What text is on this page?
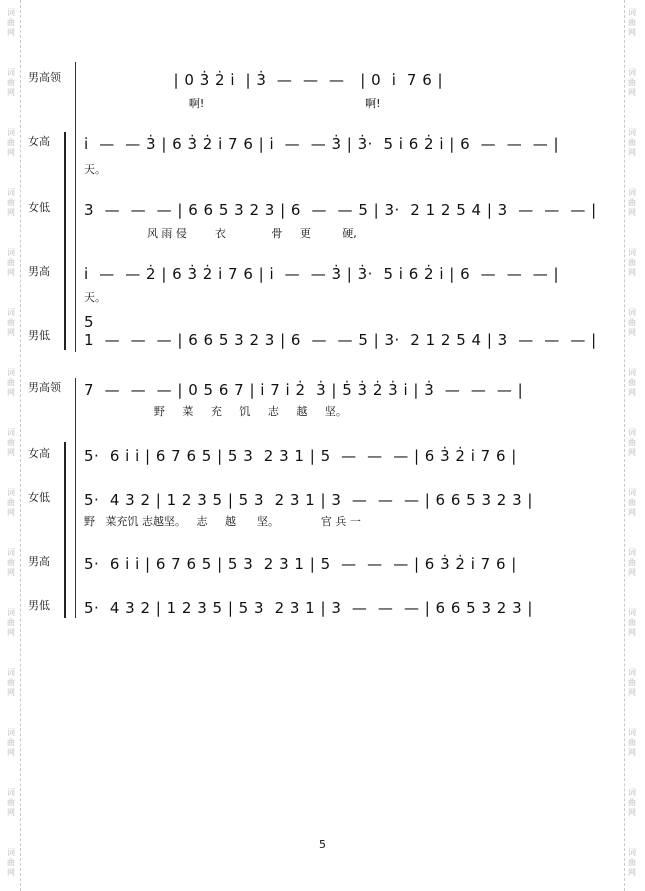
词
曲
网
词
曲
网
词
曲
网
词
曲
网
词
曲
网
词
曲
网
词
曲
网
词
曲
网
词
曲
网
词
曲
网
词
曲
网
词
曲
网
词
曲
网
词
曲
网
词
曲
网
词
曲
网
词
曲
网
词
曲
网
词
曲
网
词
曲
网
词
曲
网
词
曲
网
词
曲
网
词
曲
网
词
曲
网
词
曲
网
词
曲
网
词
曲
网
词
曲
网
词
曲
网
男高领 | 0 3̇ 2̇ i̇  | 3̇  —  —  —   | 0  i̇  7 6 |
啊!                                              啊!
女高 i̇  —  — 3̇ | 6 3̇ 2̇ i̇ 7 6 | i̇  —  — 3̇ | 3̇·  5 i̇ 6 2̇ i̇ | 6  —  —  — |
天。
女低 3  —  —  — | 6 6 5 3 2 3 | 6  —  — 5 | 3·  2 1 2 5 4 | 3  —  —  — |
风 雨 侵        衣             骨     更         硬,
男高 i̇  —  — 2̇ | 6 3̇ 2̇ i̇ 7 6 | i̇  —  — 3̇ | 3̇·  5 i̇ 6 2̇ i̇ | 6  —  —  — |
天。
男低
5
1  —  —  — | 6 6 5 3 2 3 | 6  —  — 5 | 3·  2 1 2 5 4 | 3  —  —  — |
男高领 7  —  —  — | 0 5 6 7 | i̇ 7 i̇ 2̇  3̇ | 5̇ 3̇ 2̇ 3̇ i̇ | 3̇  —  —  — |
野     菜     充     饥     志     越     坚。
女高 5·  6 i̇ i̇ | 6 7 6 5 | 5 3  2 3 1 | 5  —  —  — | 6 3̇ 2̇ i̇ 7 6 |
女低 5·  4 3 2 | 1 2 3 5 | 5 3  2 3 1 | 3  —  —  — | 6 6 5 3 2 3 |
野   菜充饥 志越坚。   志     越      坚。            官 兵 一
男高 5·  6 i̇ i̇ | 6 7 6 5 | 5 3  2 3 1 | 5  —  —  — | 6 3̇ 2̇ i̇ 7 6 |
男低 5·  4 3 2 | 1 2 3 5 | 5 3  2 3 1 | 3  —  —  — | 6 6 5 3 2 3 |
5
